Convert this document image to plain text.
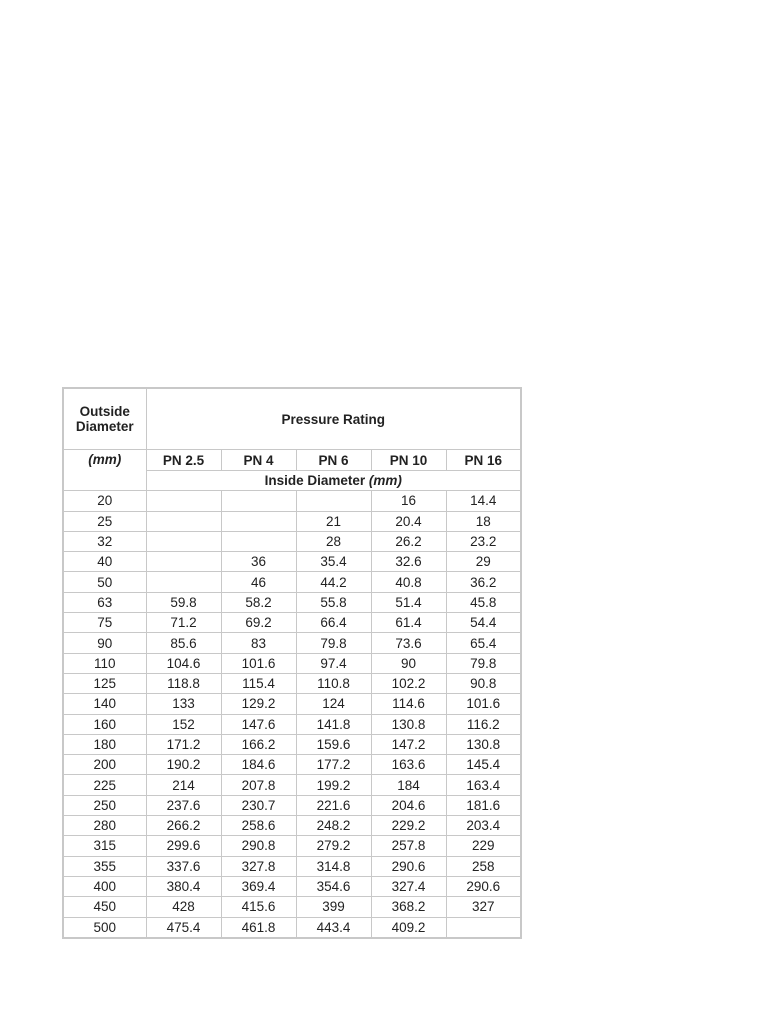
Outside Diameter	Pressure Rating				
(mm)	PN 2.5	PN 4	PN 6	PN 10	PN 16
	Inside Diameter (mm)				
20				16	14.4
25			21	20.4	18
32			28	26.2	23.2
40		36	35.4	32.6	29
50		46	44.2	40.8	36.2
63	59.8	58.2	55.8	51.4	45.8
75	71.2	69.2	66.4	61.4	54.4
90	85.6	83	79.8	73.6	65.4
110	104.6	101.6	97.4	90	79.8
125	118.8	115.4	110.8	102.2	90.8
140	133	129.2	124	114.6	101.6
160	152	147.6	141.8	130.8	116.2
180	171.2	166.2	159.6	147.2	130.8
200	190.2	184.6	177.2	163.6	145.4
225	214	207.8	199.2	184	163.4
250	237.6	230.7	221.6	204.6	181.6
280	266.2	258.6	248.2	229.2	203.4
315	299.6	290.8	279.2	257.8	229
355	337.6	327.8	314.8	290.6	258
400	380.4	369.4	354.6	327.4	290.6
450	428	415.6	399	368.2	327
500	475.4	461.8	443.4	409.2	
